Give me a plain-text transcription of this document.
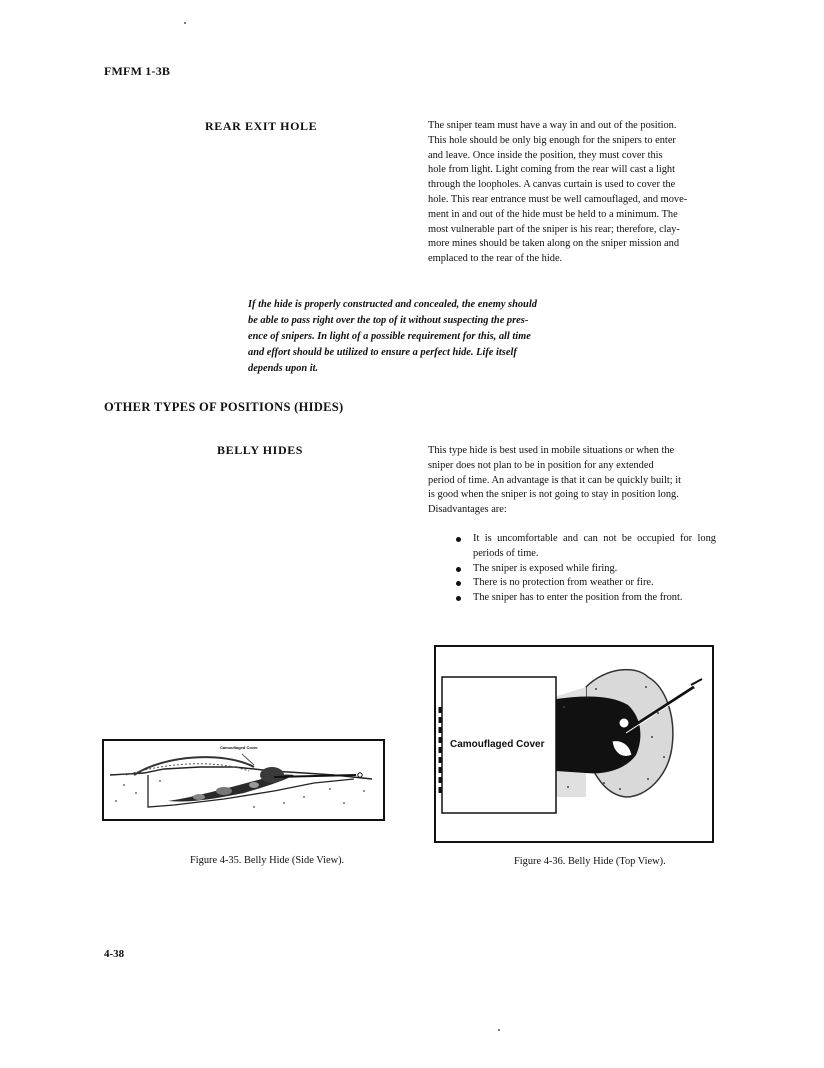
FMFM 1-3B
REAR EXIT HOLE	The sniper team must have a way in and out of the position.
This hole should be only big enough for the snipers to enter
and leave. Once inside the position, they must cover this
hole from light. Light coming from the rear will cast a light
through the loopholes. A canvas curtain is used to cover the
hole. This rear entrance must be well camouflaged, and move-
ment in and out of the hide must be held to a minimum. The
most vulnerable part of the sniper is his rear; therefore, clay-
more mines should be taken along on the sniper mission and
emplaced to the rear of the hide.
If the hide is properly constructed and concealed, the enemy should
be able to pass right over the top of it without suspecting the pres-
ence of snipers. In light of a possible requirement for this, all time
and effort should be utilized to ensure a perfect hide. Life itself
depends upon it.
OTHER TYPES OF POSITIONS (HIDES)
BELLY HIDES	This type hide is best used in mobile situations or when the
sniper does not plan to be in position for any extended
period of time. An advantage is that it can be quickly built; it
is good when the sniper is not going to stay in position long.
Disadvantages are:
It is uncomfortable and can not be occupied for long periods of time.
The sniper is exposed while firing.
There is no protection from weather or fire.
The sniper has to enter the position from the front.
Camouflaged Cover
Figure 4-35. Belly Hide (Side View).
Camouflaged Cover
Figure 4-36. Belly Hide (Top View).
4-38
